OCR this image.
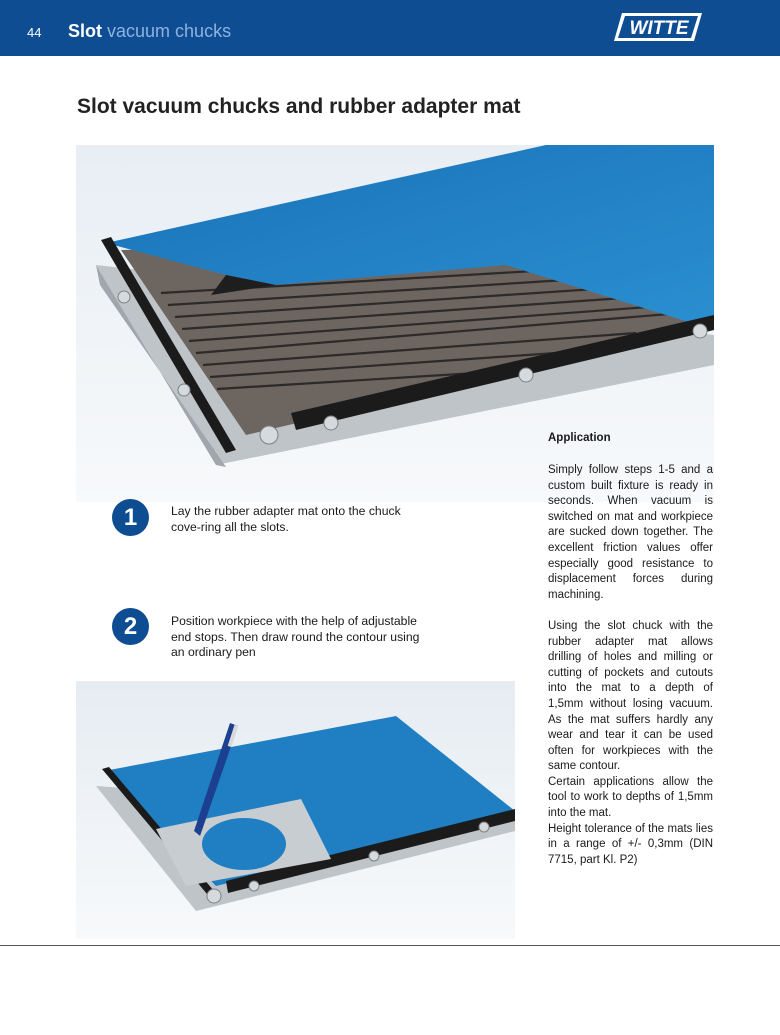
44 Slot vacuum chucks	WITTE
Slot vacuum chucks and rubber adapter mat
1	Lay the rubber adapter mat onto the chuck cove-ring all the slots.
2	Position workpiece with the help of adjustable end stops. Then draw round the contour using an ordinary pen
Application

Simply follow steps 1-5 and a custom built fixture is ready in seconds. When vacuum is switched on mat and workpiece are sucked down together. The excellent friction values offer especially good resistance to displacement forces during machining.

Using the slot chuck with the rubber adapter mat allows drilling of holes and milling or cutting of pockets and cutouts into the mat to a depth of 1,5mm without losing vacuum. As the mat suffers hardly any wear and tear it can be used often for workpieces with the same contour.

Certain applications allow the tool to work to depths of 1,5mm into the mat.

Height tolerance of the mats lies in a range of +/- 0,3mm (DIN 7715, part Kl. P2)
